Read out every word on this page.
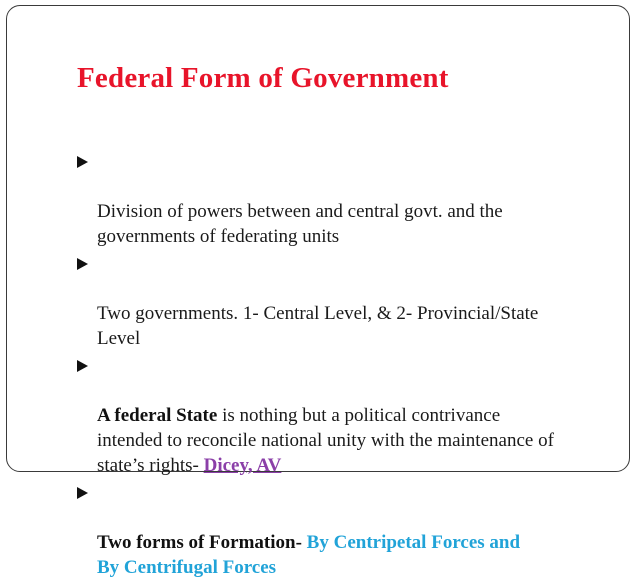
Federal Form of Government

Division of powers between and central govt. and the
governments of federating units

Two governments. 1- Central Level, & 2- Provincial/State
Level

A federal State is nothing but a political contrivance
intended to reconcile national unity with the maintenance of
state’s rights- Dicey, AV

Two forms of Formation- By Centripetal Forces and
By Centrifugal Forces
